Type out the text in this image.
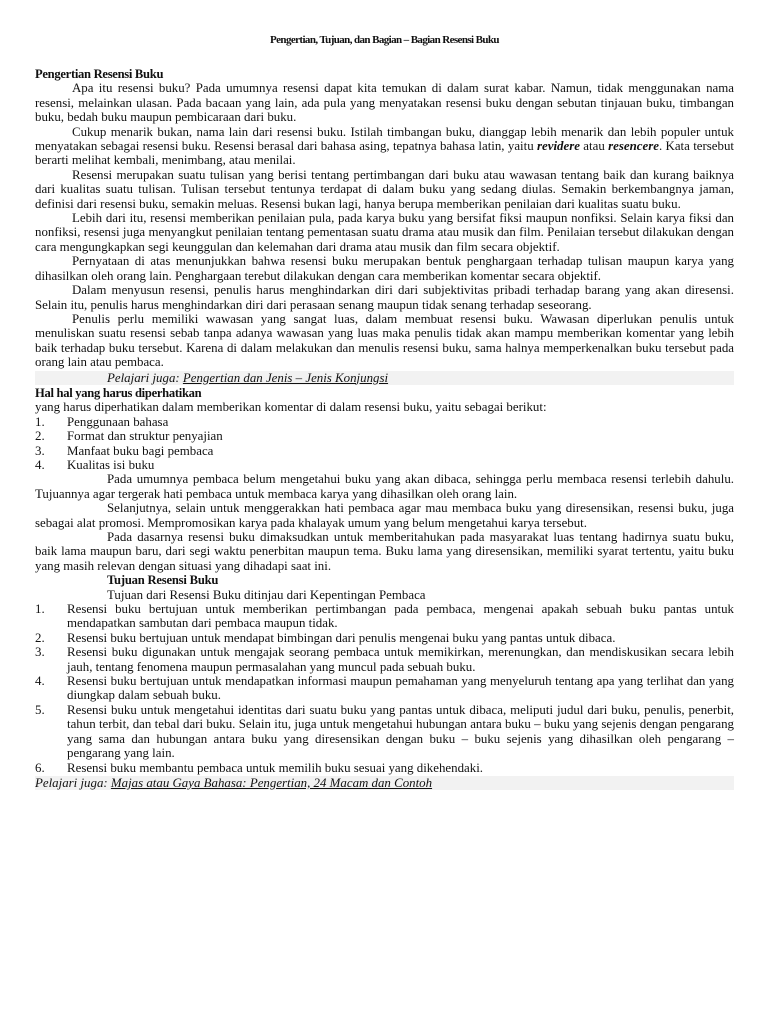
Pengertian, Tujuan, dan Bagian – Bagian Resensi Buku
Pengertian Resensi Buku

Apa itu resensi buku? Pada umumnya resensi dapat kita temukan di dalam surat kabar. Namun, tidak menggunakan nama resensi, melainkan ulasan. Pada bacaan yang lain, ada pula yang menyatakan resensi buku dengan sebutan tinjauan buku, timbangan buku, bedah buku maupun pembicaraan dari buku.

Cukup menarik bukan, nama lain dari resensi buku. Istilah timbangan buku, dianggap lebih menarik dan lebih populer untuk menyatakan sebagai resensi buku. Resensi berasal dari bahasa asing, tepatnya bahasa latin, yaitu revidere atau resencere. Kata tersebut berarti melihat kembali, menimbang, atau menilai.

Resensi merupakan suatu tulisan yang berisi tentang pertimbangan dari buku atau wawasan tentang baik dan kurang baiknya dari kualitas suatu tulisan. Tulisan tersebut tentunya terdapat di dalam buku yang sedang diulas. Semakin berkembangnya jaman, definisi dari resensi buku, semakin meluas. Resensi bukan lagi, hanya berupa memberikan penilaian dari kualitas suatu buku.

Lebih dari itu, resensi memberikan penilaian pula, pada karya buku yang bersifat fiksi maupun nonfiksi. Selain karya fiksi dan nonfiksi, resensi juga menyangkut penilaian tentang pementasan suatu drama atau musik dan film. Penilaian tersebut dilakukan dengan cara mengungkapkan segi keunggulan dan kelemahan dari drama atau musik dan film secara objektif.

Pernyataan di atas menunjukkan bahwa resensi buku merupakan bentuk penghargaan terhadap tulisan maupun karya yang dihasilkan oleh orang lain. Penghargaan terebut dilakukan dengan cara memberikan komentar secara objektif.

Dalam menyusun resensi, penulis harus menghindarkan diri dari subjektivitas pribadi terhadap barang yang akan diresensi. Selain itu, penulis harus menghindarkan diri dari perasaan senang maupun tidak senang terhadap seseorang.

Penulis perlu memiliki wawasan yang sangat luas, dalam membuat resensi buku. Wawasan diperlukan penulis untuk menuliskan suatu resensi sebab tanpa adanya wawasan yang luas maka penulis tidak akan mampu memberikan komentar yang lebih baik terhadap buku tersebut. Karena di dalam melakukan dan menulis resensi buku, sama halnya memperkenalkan buku tersebut pada orang lain atau pembaca.

Pelajari juga: Pengertian dan Jenis – Jenis Konjungsi
Hal hal yang harus diperhatikan

yang harus diperhatikan dalam memberikan komentar di dalam resensi buku, yaitu sebagai berikut:

1. Penggunaan bahasa
2. Format dan struktur penyajian
3. Manfaat buku bagi pembaca
4. Kualitas isi buku

Pada umumnya pembaca belum mengetahui buku yang akan dibaca, sehingga perlu membaca resensi terlebih dahulu. Tujuannya agar tergerak hati pembaca untuk membaca karya yang dihasilkan oleh orang lain.

Selanjutnya, selain untuk menggerakkan hati pembaca agar mau membaca buku yang diresensikan, resensi buku, juga sebagai alat promosi. Mempromosikan karya pada khalayak umum yang belum mengetahui karya tersebut.

Pada dasarnya resensi buku dimaksudkan untuk memberitahukan pada masyarakat luas tentang hadirnya suatu buku, baik lama maupun baru, dari segi waktu penerbitan maupun tema. Buku lama yang diresensikan, memiliki syarat tertentu, yaitu buku yang masih relevan dengan situasi yang dihadapi saat ini.

Tujuan Resensi Buku
Tujuan dari Resensi Buku ditinjau dari Kepentingan Pembaca
1. Resensi buku bertujuan untuk memberikan pertimbangan pada pembaca, mengenai apakah sebuah buku pantas untuk mendapatkan sambutan dari pembaca maupun tidak.
2. Resensi buku bertujuan untuk mendapat bimbingan dari penulis mengenai buku yang pantas untuk dibaca.
3. Resensi buku digunakan untuk mengajak seorang pembaca untuk memikirkan, merenungkan, dan mendiskusikan secara lebih jauh, tentang fenomena maupun permasalahan yang muncul pada sebuah buku.
4. Resensi buku bertujuan untuk mendapatkan informasi maupun pemahaman yang menyeluruh tentang apa yang terlihat dan yang diungkap dalam sebuah buku.
5. Resensi buku untuk mengetahui identitas dari suatu buku yang pantas untuk dibaca, meliputi judul dari buku, penulis, penerbit, tahun terbit, dan tebal dari buku. Selain itu, juga untuk mengetahui hubungan antara buku – buku yang sejenis dengan pengarang yang sama dan hubungan antara buku yang diresensikan dengan buku – buku sejenis yang dihasilkan oleh pengarang – pengarang yang lain.
6. Resensi buku membantu pembaca untuk memilih buku sesuai yang dikehendaki.
Pelajari juga: Majas atau Gaya Bahasa: Pengertian, 24 Macam dan Contoh
